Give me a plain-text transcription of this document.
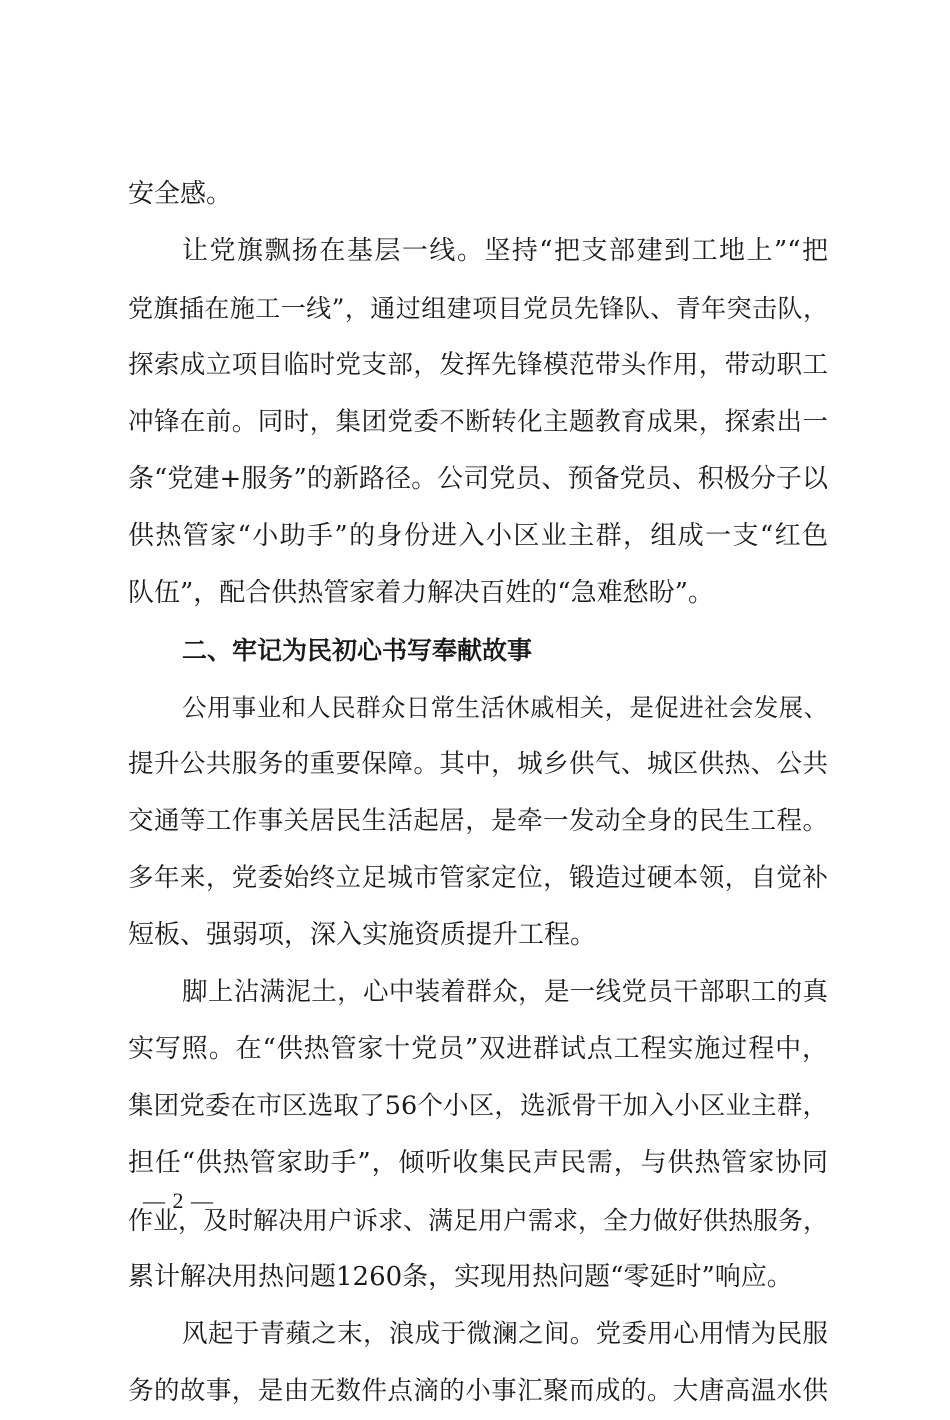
安全感。
让党旗飘扬在基层一线。坚持“把支部建到工地上”“把
党旗插在施工一线”，通过组建项目党员先锋队、青年突击队，
探索成立项目临时党支部，发挥先锋模范带头作用，带动职工
冲锋在前。同时，集团党委不断转化主题教育成果，探索出一
条“党建+服务”的新路径。公司党员、预备党员、积极分子以
供热管家“小助手”的身份进入小区业主群，组成一支“红色
队伍”，配合供热管家着力解决百姓的“急难愁盼”。
二、牢记为民初心书写奉献故事
公用事业和人民群众日常生活休戚相关，是促进社会发展、
提升公共服务的重要保障。其中，城乡供气、城区供热、公共
交通等工作事关居民生活起居，是牵一发动全身的民生工程。
多年来，党委始终立足城市管家定位，锻造过硬本领，自觉补
短板、强弱项，深入实施资质提升工程。
脚上沾满泥土，心中装着群众，是一线党员干部职工的真
实写照。在“供热管家十党员”双进群试点工程实施过程中，
集团党委在市区选取了56个小区，选派骨干加入小区业主群，
担任“供热管家助手”，倾听收集民声民需，与供热管家协同
作业，及时解决用户诉求、满足用户需求，全力做好供热服务，
累计解决用热问题1260条，实现用热问题“零延时”响应。
风起于青蘋之末，浪成于微澜之间。党委用心用情为民服
务的故事，是由无数件点滴的小事汇聚而成的。大唐高温水供
— 2 —
